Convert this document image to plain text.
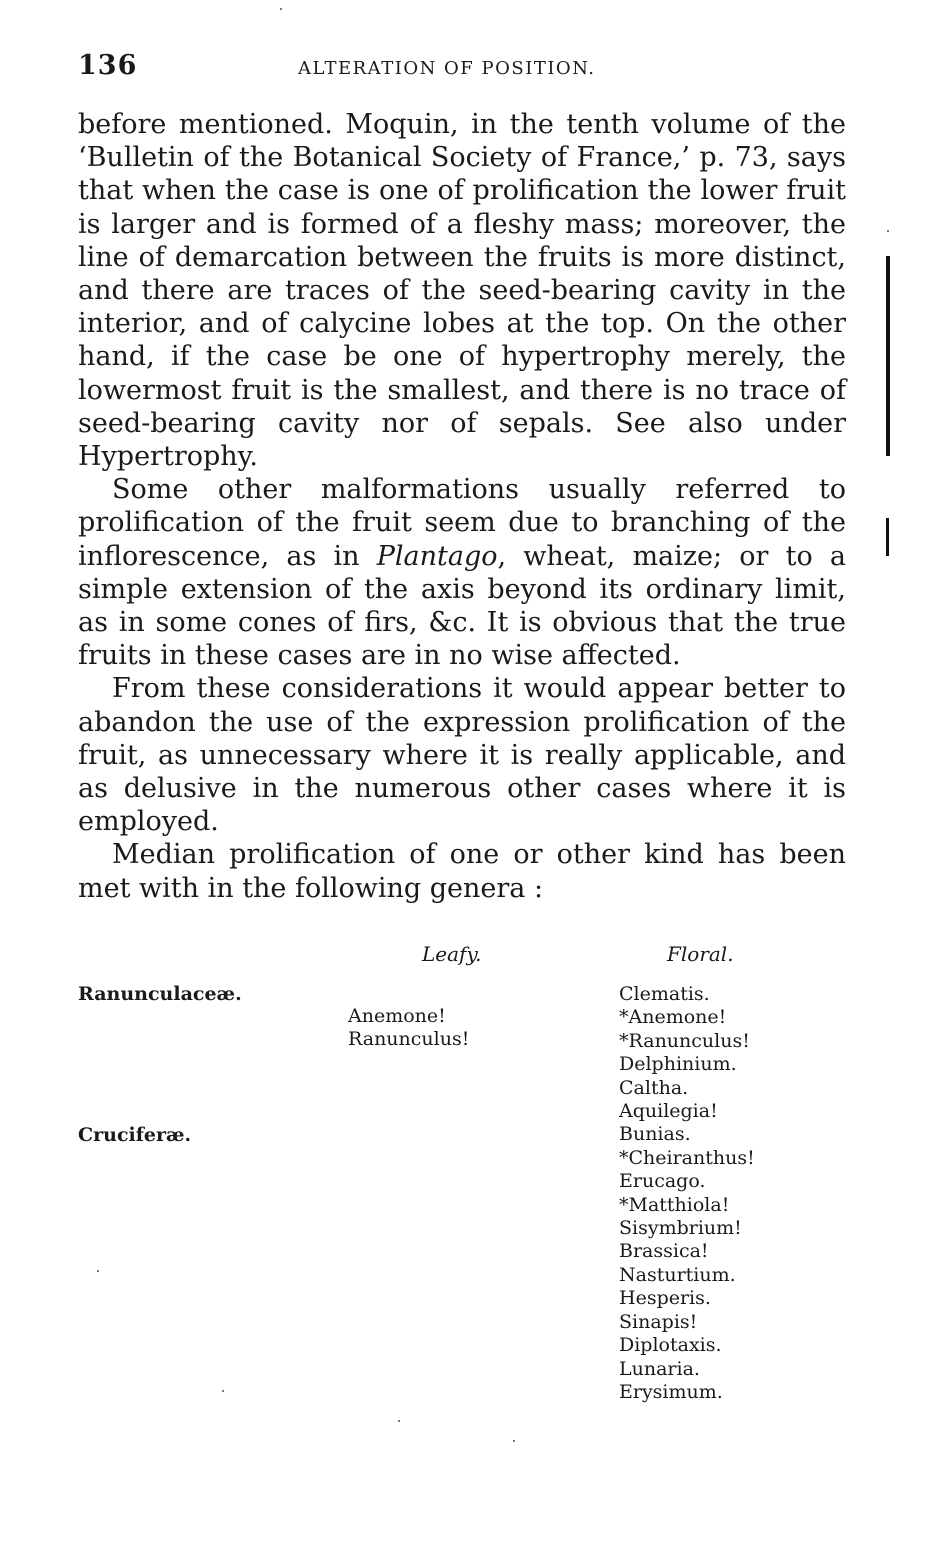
136	ALTERATION OF POSITION.

before mentioned. Moquin, in the tenth volume of the ‘Bulletin of the Botanical Society of France,’ p. 73, says that when the case is one of prolification the lower fruit is larger and is formed of a fleshy mass; moreover, the line of demarcation between the fruits is more distinct, and there are traces of the seed-bearing cavity in the interior, and of calycine lobes at the top. On the other hand, if the case be one of hypertrophy merely, the lowermost fruit is the smallest, and there is no trace of seed-bearing cavity nor of sepals. See also under Hypertrophy.

Some other malformations usually referred to prolification of the fruit seem due to branching of the inflorescence, as in Plantago, wheat, maize; or to a simple extension of the axis beyond its ordinary limit, as in some cones of firs, &c. It is obvious that the true fruits in these cases are in no wise affected.

From these considerations it would appear better to abandon the use of the expression prolification of the fruit, as unnecessary where it is really applicable, and as delusive in the numerous other cases where it is employed.

Median prolification of one or other kind has been met with in the following genera :

Leafy.	Floral.
Ranunculaceæ.
Cruciferæ.
Anemone!
Ranunculus!
Clematis.
*Anemone!
*Ranunculus!
Delphinium.
Caltha.
Aquilegia!
Bunias.
*Cheiranthus!
Erucago.
*Matthiola!
Sisymbrium!
Brassica!
Nasturtium.
Hesperis.
Sinapis!
Diplotaxis.
Lunaria.
Erysimum.
